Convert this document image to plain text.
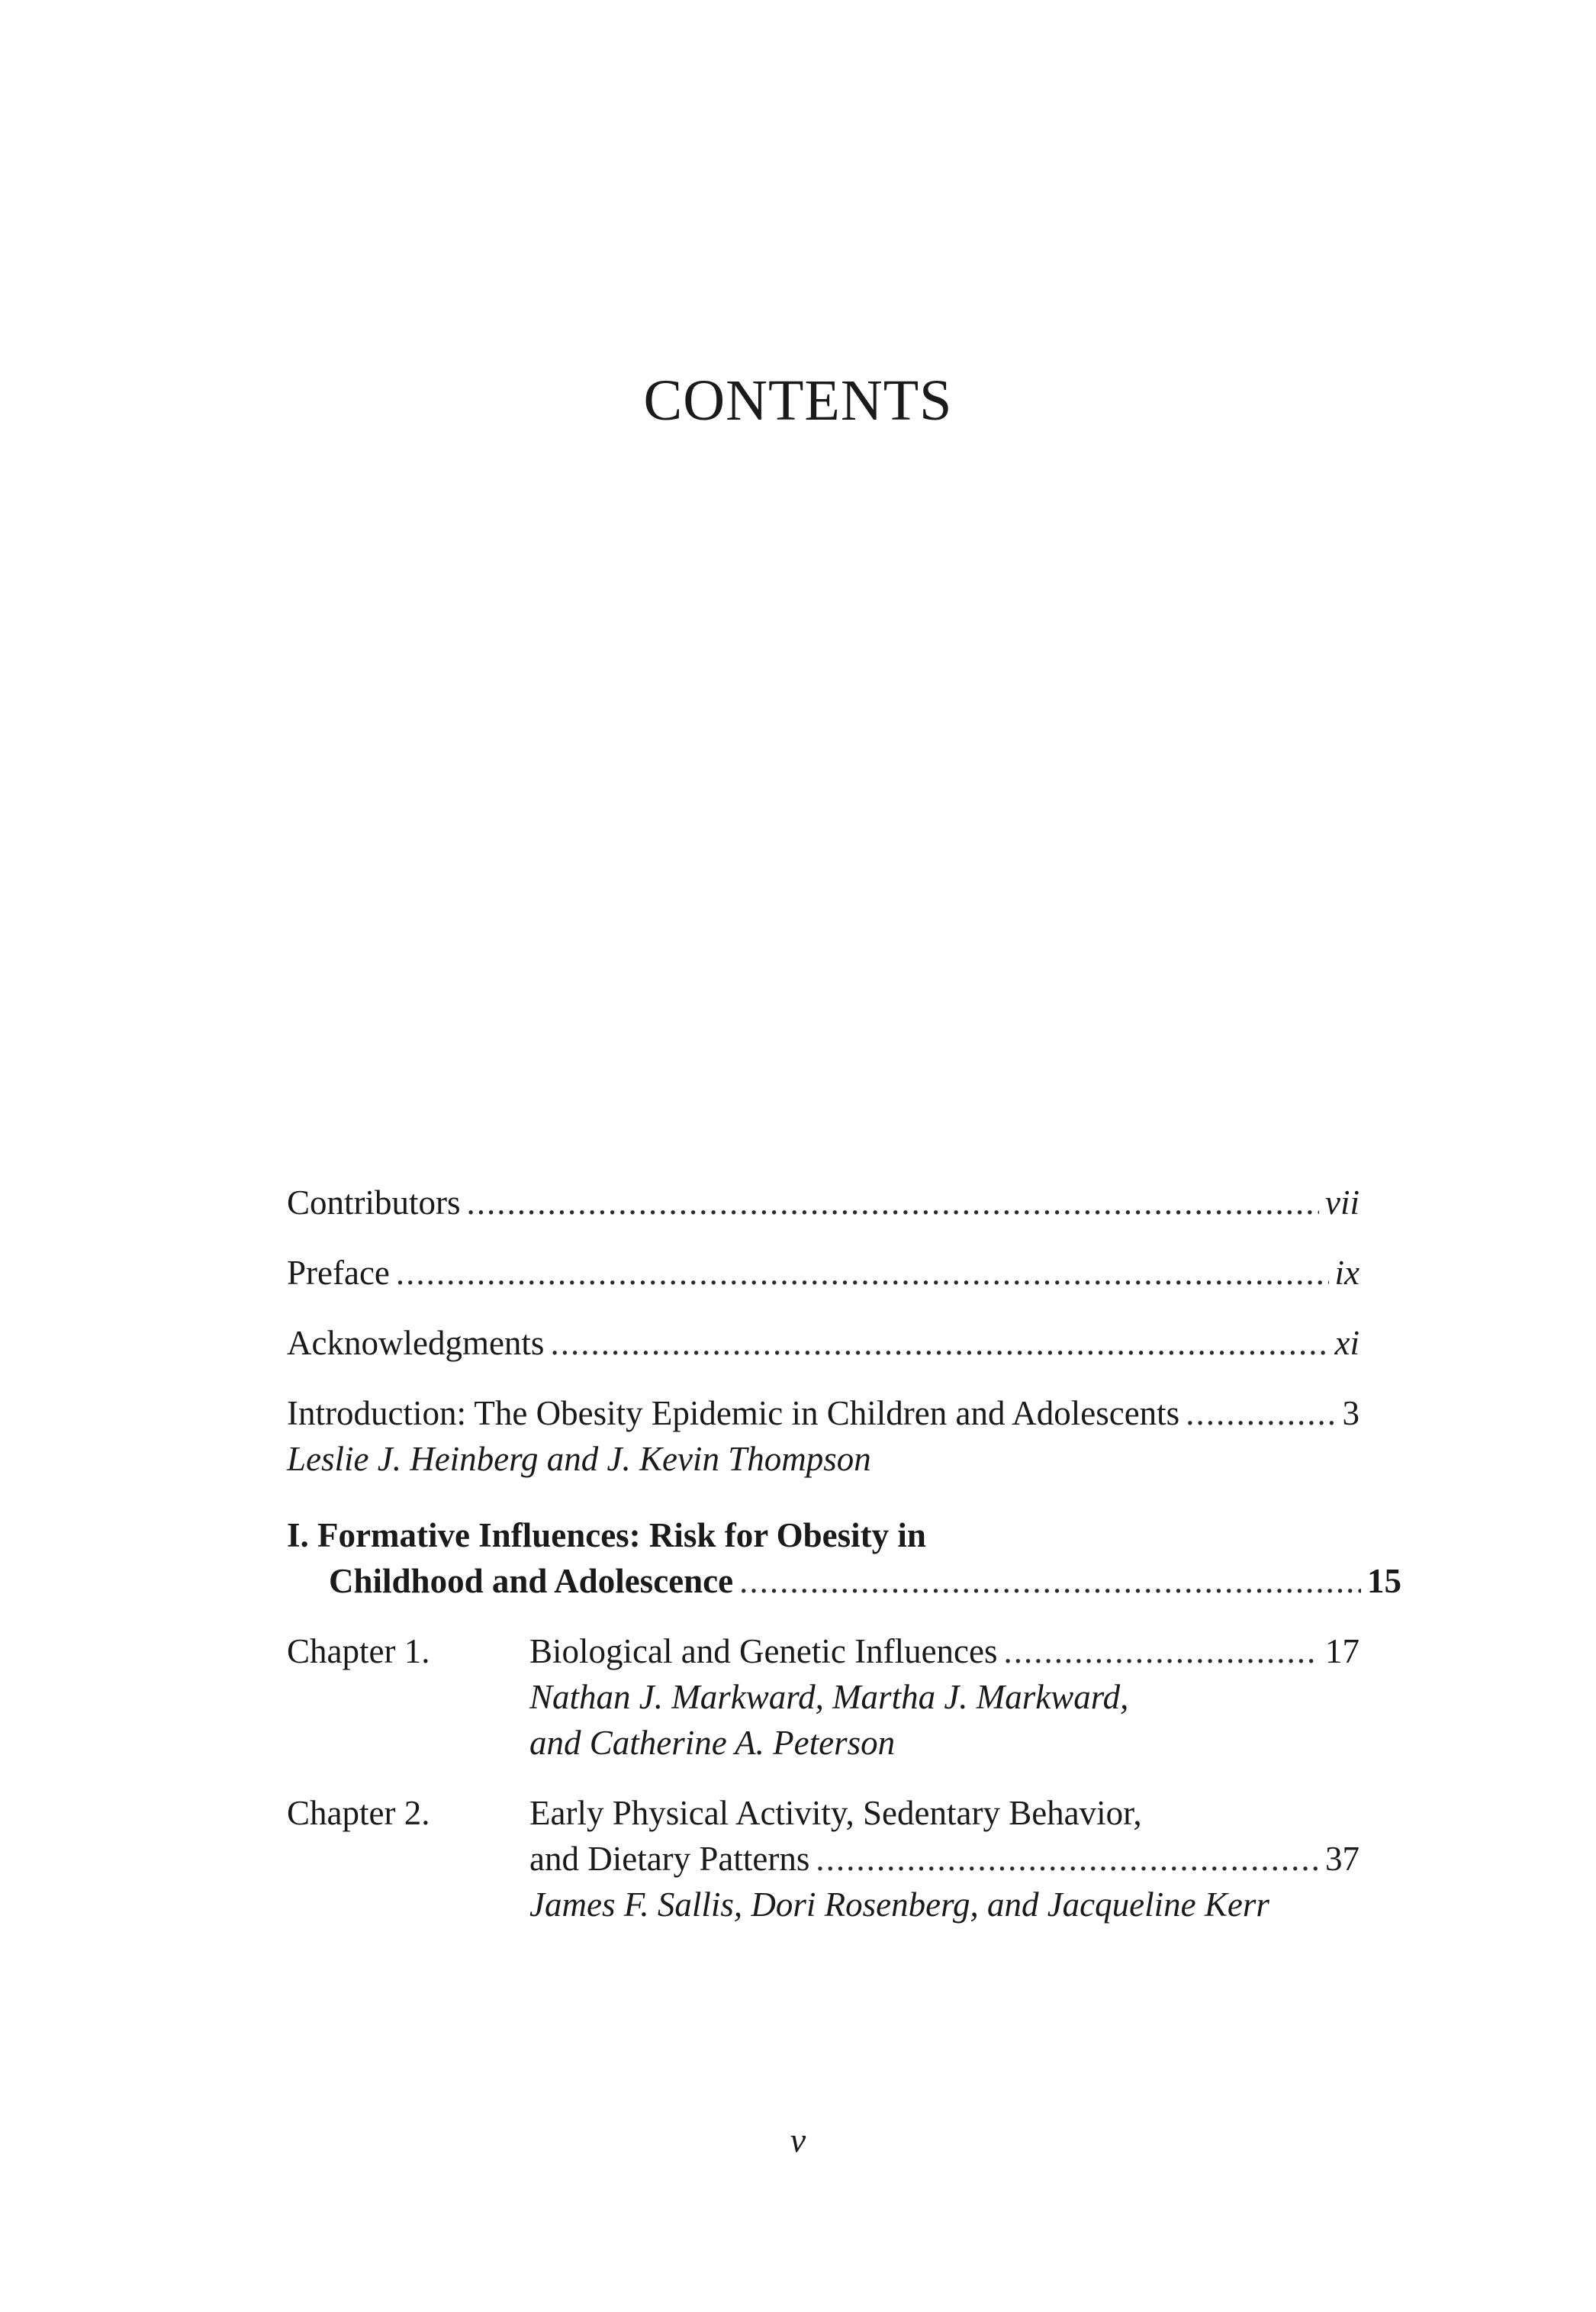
CONTENTS
Contributors .....	vii
Preface .....	ix
Acknowledgments .....	xi
Introduction: The Obesity Epidemic in Children and Adolescents .....	3
Leslie J. Heinberg and J. Kevin Thompson
I. Formative Influences: Risk for Obesity in
Childhood and Adolescence .....	15
Chapter 1.	Biological and Genetic Influences .....	17
Nathan J. Markward, Martha J. Markward,
and Catherine A. Peterson
Chapter 2.	Early Physical Activity, Sedentary Behavior,
and Dietary Patterns .....	37
James F. Sallis, Dori Rosenberg, and Jacqueline Kerr
v
